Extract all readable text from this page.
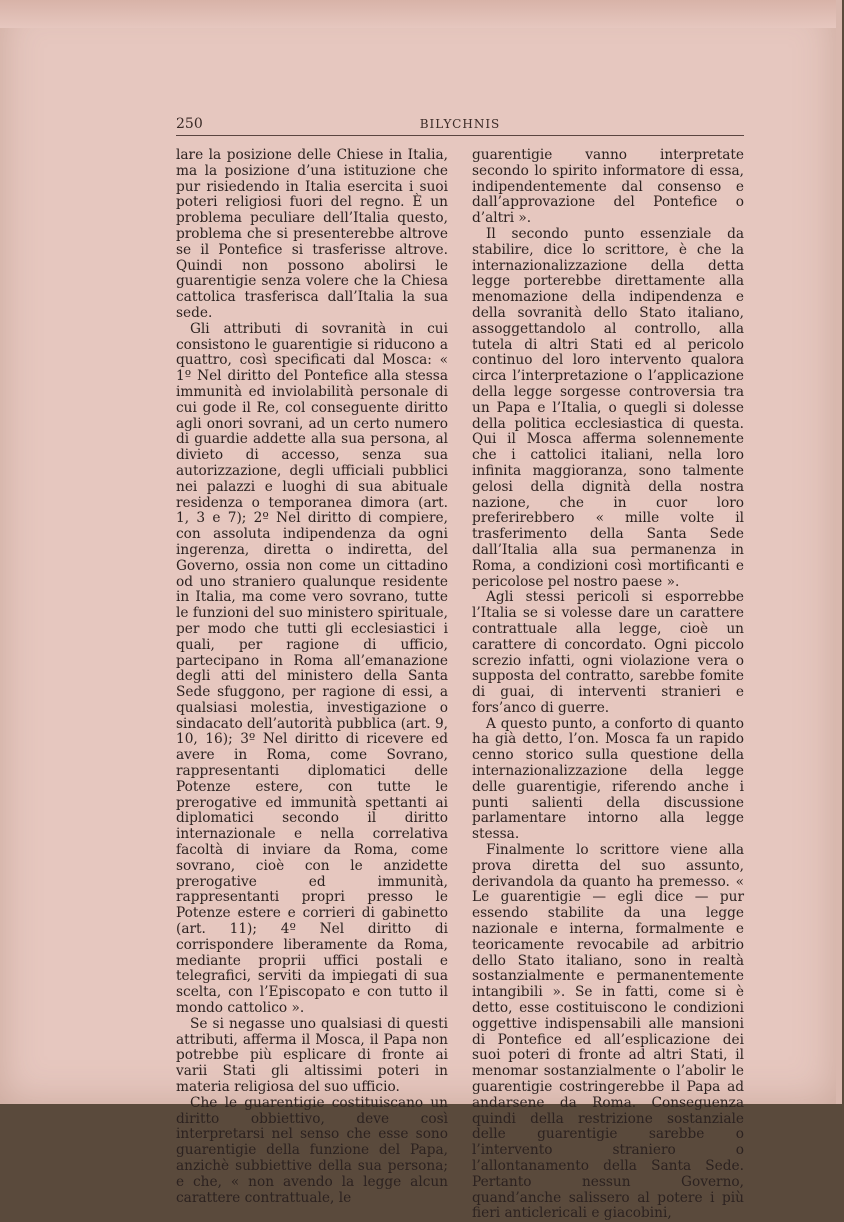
250	BILYCHNIS

lare la posizione delle Chiese in Italia, ma la posizione d’una istituzione che pur risiedendo in Italia esercita i suoi poteri religiosi fuori del regno. È un problema peculiare dell’Italia questo, problema che si presenterebbe altrove se il Pontefice si trasferisse altrove. Quindi non possono abolirsi le guarentigie senza volere che la Chiesa cattolica trasferisca dall’Italia la sua sede.

Gli attributi di sovranità in cui consistono le guarentigie si riducono a quattro, così specificati dal Mosca: « 1º Nel diritto del Pontefice alla stessa immunità ed inviolabilità personale di cui gode il Re, col conseguente diritto agli onori sovrani, ad un certo numero di guardie addette alla sua persona, al divieto di accesso, senza sua autorizzazione, degli ufficiali pubblici nei palazzi e luoghi di sua abituale residenza o temporanea dimora (art. 1, 3 e 7); 2º Nel diritto di compiere, con assoluta indipendenza da ogni ingerenza, diretta o indiretta, del Governo, ossia non come un cittadino od uno straniero qualunque residente in Italia, ma come vero sovrano, tutte le funzioni del suo ministero spirituale, per modo che tutti gli ecclesiastici i quali, per ragione di ufficio, partecipano in Roma all’emanazione degli atti del ministero della Santa Sede sfuggono, per ragione di essi, a qualsiasi molestia, investigazione o sindacato dell’autorità pubblica (art. 9, 10, 16); 3º Nel diritto di ricevere ed avere in Roma, come Sovrano, rappresentanti diplomatici delle Potenze estere, con tutte le prerogative ed immunità spettanti ai diplomatici secondo il diritto internazionale e nella correlativa facoltà di inviare da Roma, come sovrano, cioè con le anzidette prerogative ed immunità, rappresentanti propri presso le Potenze estere e corrieri di gabinetto (art. 11); 4º Nel diritto di corrispondere liberamente da Roma, mediante proprii uffici postali e telegrafici, serviti da impiegati di sua scelta, con l’Episcopato e con tutto il mondo cattolico ».

Se si negasse uno qualsiasi di questi attributi, afferma il Mosca, il Papa non potrebbe più esplicare di fronte ai varii Stati gli altissimi poteri in materia religiosa del suo ufficio.

Che le guarentigie costituiscano un diritto obbiettivo, deve così interpretarsi nel senso che esse sono guarentigie della funzione del Papa, anzichè subbiettive della sua persona; e che, « non avendo la legge alcun carattere contrattuale, le

guarentigie vanno interpretate secondo lo spirito informatore di essa, indipendentemente dal consenso e dall’approvazione del Pontefice o d’altri ».

Il secondo punto essenziale da stabilire, dice lo scrittore, è che la internazionalizzazione della detta legge porterebbe direttamente alla menomazione della indipendenza e della sovranità dello Stato italiano, assoggettandolo al controllo, alla tutela di altri Stati ed al pericolo continuo del loro intervento qualora circa l’interpretazione o l’applicazione della legge sorgesse controversia tra un Papa e l’Italia, o quegli si dolesse della politica ecclesiastica di questa. Qui il Mosca afferma solennemente che i cattolici italiani, nella loro infinita maggioranza, sono talmente gelosi della dignità della nostra nazione, che in cuor loro preferirebbero « mille volte il trasferimento della Santa Sede dall’Italia alla sua permanenza in Roma, a condizioni così mortificanti e pericolose pel nostro paese ».

Agli stessi pericoli si esporrebbe l’Italia se si volesse dare un carattere contrattuale alla legge, cioè un carattere di concordato. Ogni piccolo screzio infatti, ogni violazione vera o supposta del contratto, sarebbe fomite di guai, di interventi stranieri e fors’anco di guerre.

A questo punto, a conforto di quanto ha già detto, l’on. Mosca fa un rapido cenno storico sulla questione della internazionalizzazione della legge delle guarentigie, riferendo anche i punti salienti della discussione parlamentare intorno alla legge stessa.

Finalmente lo scrittore viene alla prova diretta del suo assunto, derivandola da quanto ha premesso. « Le guarentigie — egli dice — pur essendo stabilite da una legge nazionale e interna, formalmente e teoricamente revocabile ad arbitrio dello Stato italiano, sono in realtà sostanzialmente e permanentemente intangibili ». Se in fatti, come si è detto, esse costituiscono le condizioni oggettive indispensabili alle mansioni di Pontefice ed all’esplicazione dei suoi poteri di fronte ad altri Stati, il menomar sostanzialmente o l’abolir le guarentigie costringerebbe il Papa ad andarsene da Roma. Conseguenza quindi della restrizione sostanziale delle guarentigie sarebbe o l’intervento straniero o l’allontanamento della Santa Sede. Pertanto nessun Governo, quand’anche salissero al potere i più fieri anticlericali e giacobini,
